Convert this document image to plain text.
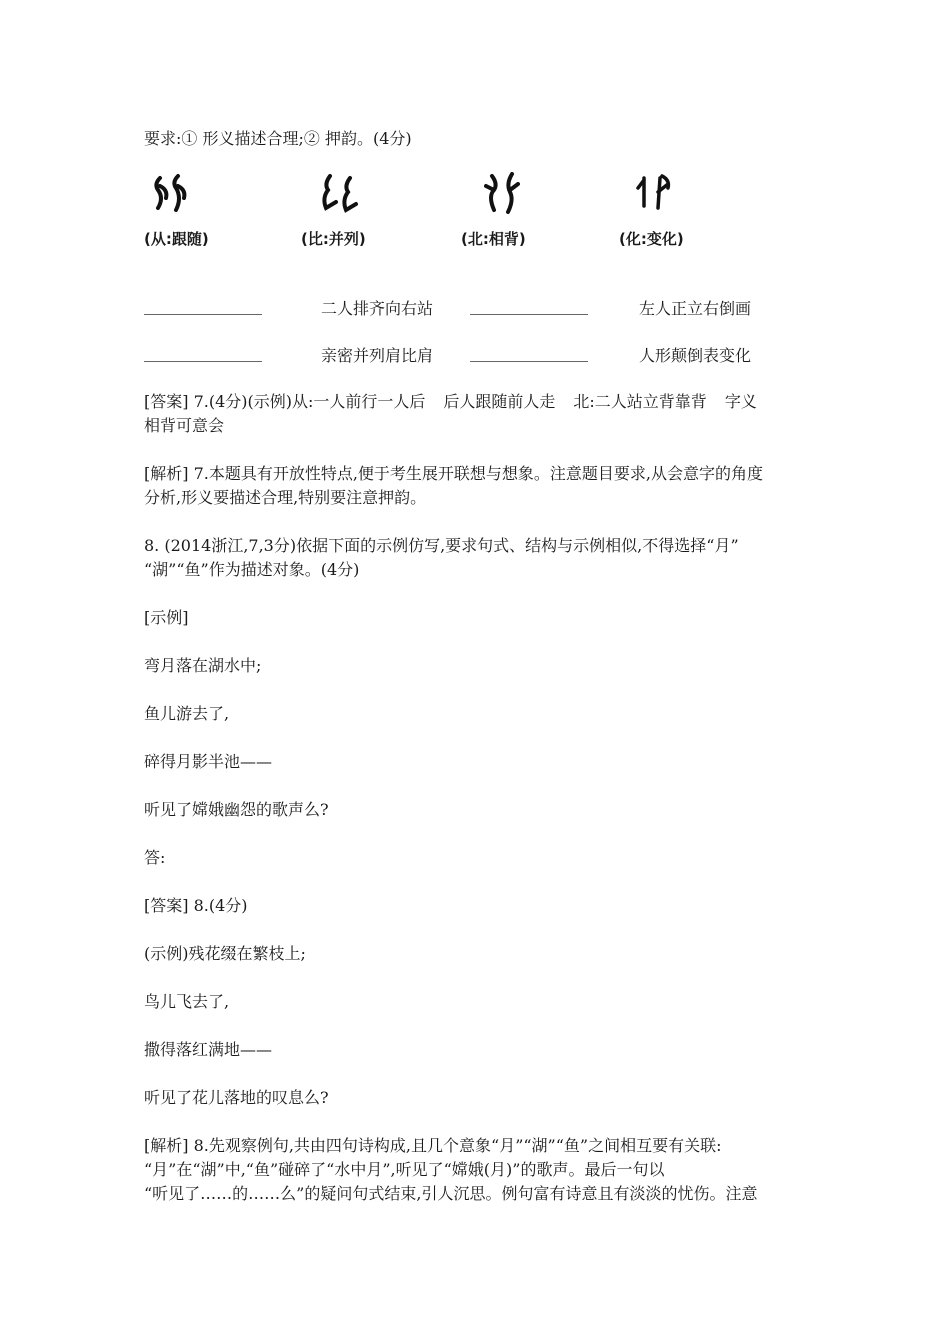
要求:① 形义描述合理;② 押韵。(4分)
(从:跟随)	(比:并列)	(北:相背)	(化:变化)
二人排齐向右站	左人正立右倒画
亲密并列肩比肩	人形颠倒表变化
[答案] 7.(4分)(示例)从:一人前行一人后 后人跟随前人走 北:二人站立背靠背 字义
相背可意会
[解析] 7.本题具有开放性特点,便于考生展开联想与想象。注意题目要求,从会意字的角度
分析,形义要描述合理,特别要注意押韵。
8. (2014浙江,7,3分)依据下面的示例仿写,要求句式、结构与示例相似,不得选择“月”
“湖”“鱼”作为描述对象。(4分)
[示例]
弯月落在湖水中;
鱼儿游去了,
碎得月影半池——
听见了嫦娥幽怨的歌声么?
答:
[答案] 8.(4分)
(示例)残花缀在繁枝上;
鸟儿飞去了,
撒得落红满地——
听见了花儿落地的叹息么?
[解析] 8.先观察例句,共由四句诗构成,且几个意象“月”“湖”“鱼”之间相互要有关联:
“月”在“湖”中,“鱼”碰碎了“水中月”,听见了“嫦娥(月)”的歌声。最后一句以
“听见了……的……么”的疑问句式结束,引人沉思。例句富有诗意且有淡淡的忧伤。注意
